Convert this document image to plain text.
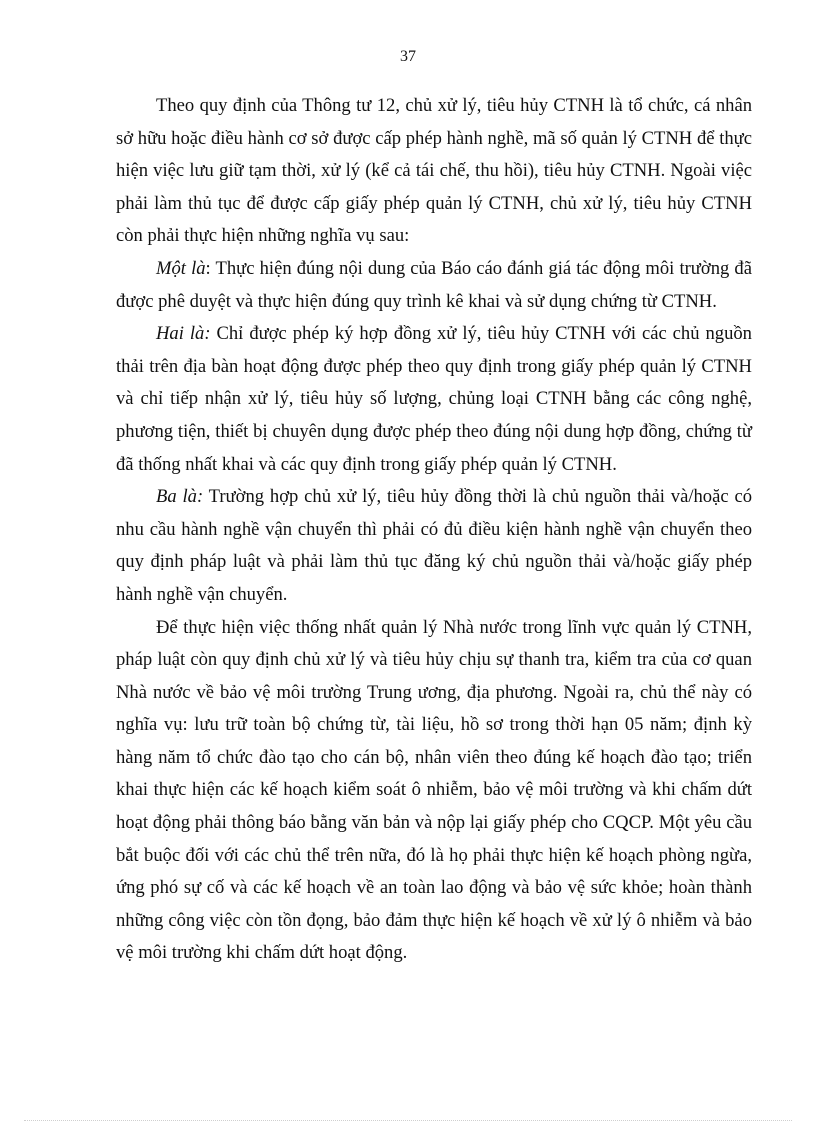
37

Theo quy định của Thông tư 12, chủ xử lý, tiêu hủy CTNH là tổ chức, cá nhân sở hữu hoặc điều hành cơ sở được cấp phép hành nghề, mã số quản lý CTNH để thực hiện việc lưu giữ tạm thời, xử lý (kể cả tái chế, thu hồi), tiêu hủy CTNH. Ngoài việc phải làm thủ tục để được cấp giấy phép quản lý CTNH, chủ xử lý, tiêu hủy CTNH còn phải thực hiện những nghĩa vụ sau:

Một là: Thực hiện đúng nội dung của Báo cáo đánh giá tác động môi trường đã được phê duyệt và thực hiện đúng quy trình kê khai và sử dụng chứng từ CTNH.

Hai là: Chỉ được phép ký hợp đồng xử lý, tiêu hủy CTNH với các chủ nguồn thải trên địa bàn hoạt động được phép theo quy định trong giấy phép quản lý CTNH và chỉ tiếp nhận xử lý, tiêu hủy số lượng, chủng loại CTNH bằng các công nghệ, phương tiện, thiết bị chuyên dụng được phép theo đúng nội dung hợp đồng, chứng từ đã thống nhất khai và các quy định trong giấy phép quản lý CTNH.

Ba là: Trường hợp chủ xử lý, tiêu hủy đồng thời là chủ nguồn thải và/hoặc có nhu cầu hành nghề vận chuyển thì phải có đủ điều kiện hành nghề vận chuyển theo quy định pháp luật và phải làm thủ tục đăng ký chủ nguồn thải và/hoặc giấy phép hành nghề vận chuyển.

Để thực hiện việc thống nhất quản lý Nhà nước trong lĩnh vực quản lý CTNH, pháp luật còn quy định chủ xử lý và tiêu hủy chịu sự thanh tra, kiểm tra của cơ quan Nhà nước về bảo vệ môi trường Trung ương, địa phương. Ngoài ra, chủ thể này có nghĩa vụ: lưu trữ toàn bộ chứng từ, tài liệu, hồ sơ trong thời hạn 05 năm; định kỳ hàng năm tổ chức đào tạo cho cán bộ, nhân viên theo đúng kế hoạch đào tạo; triển khai thực hiện các kế hoạch kiểm soát ô nhiễm, bảo vệ môi trường và khi chấm dứt hoạt động phải thông báo bằng văn bản và nộp lại giấy phép cho CQCP. Một yêu cầu bắt buộc đối với các chủ thể trên nữa, đó là họ phải thực hiện kế hoạch phòng ngừa, ứng phó sự cố và các kế hoạch về an toàn lao động và bảo vệ sức khỏe; hoàn thành những công việc còn tồn đọng, bảo đảm thực hiện kế hoạch về xử lý ô nhiễm và bảo vệ môi trường khi chấm dứt hoạt động.
